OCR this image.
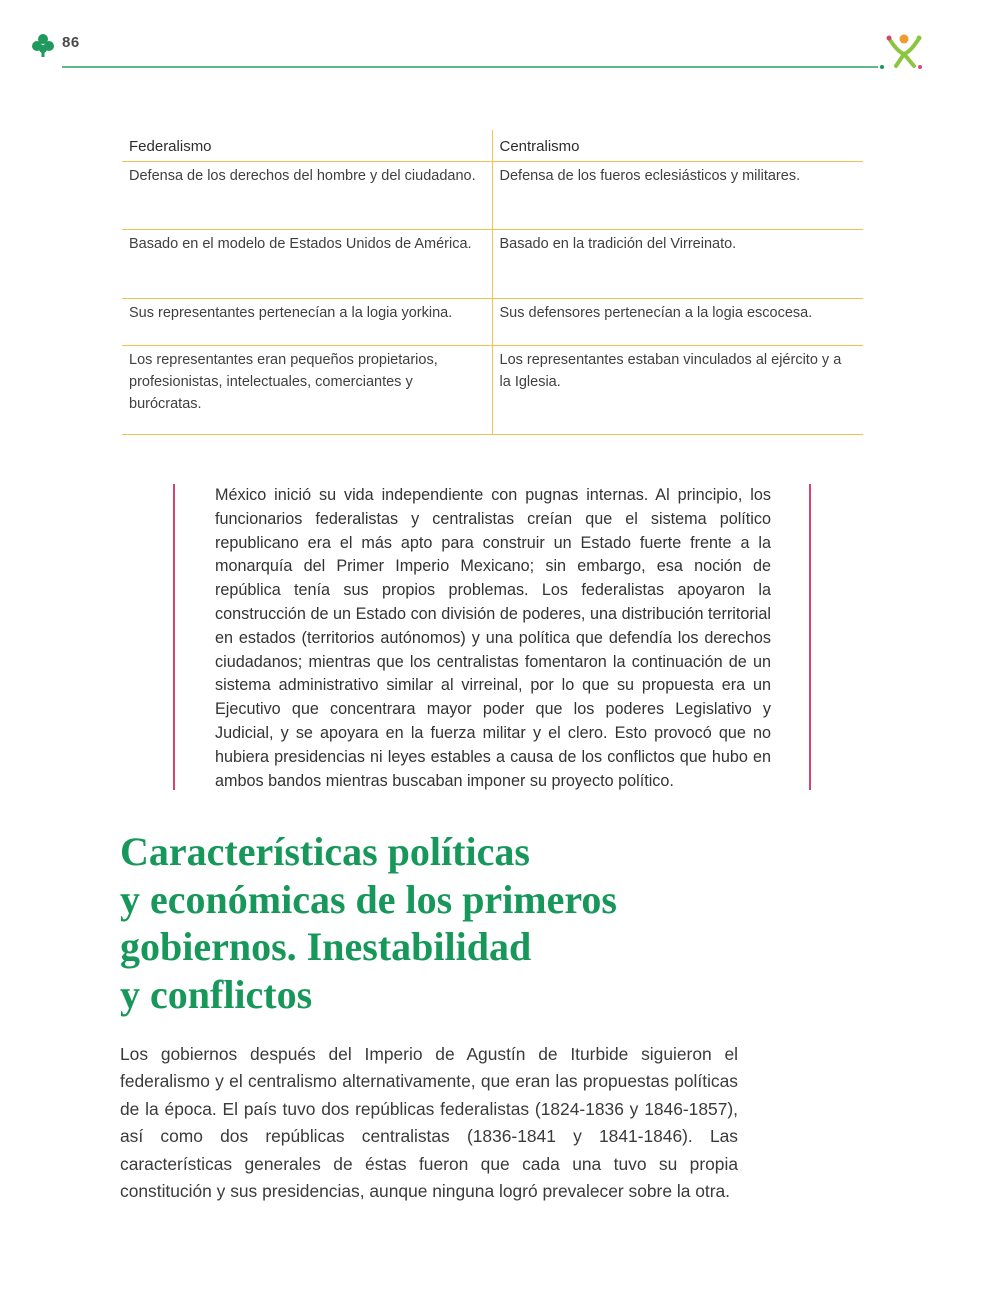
86
Federalismo	Centralismo
Defensa de los derechos del hombre y del ciudadano.	Defensa de los fueros eclesiásticos y militares.
Basado en el modelo de Estados Unidos de América.	Basado en la tradición del Virreinato.
Sus representantes pertenecían a la logia yorkina.	Sus defensores pertenecían a la logia escocesa.
Los representantes eran pequeños propietarios, profesionistas, intelectuales, comerciantes y burócratas.	Los representantes estaban vinculados al ejército y a la Iglesia.

México inició su vida independiente con pugnas internas. Al principio, los funcionarios federalistas y centralistas creían que el sistema político republicano era el más apto para construir un Estado fuerte frente a la monarquía del Primer Imperio Mexicano; sin embargo, esa noción de república tenía sus propios problemas. Los federalistas apoyaron la construcción de un Estado con división de poderes, una distribución territorial en estados (territorios autónomos) y una política que defendía los derechos ciudadanos; mientras que los centralistas fomentaron la continuación de un sistema administrativo similar al virreinal, por lo que su propuesta era un Ejecutivo que concentrara mayor poder que los poderes Legislativo y Judicial, y se apoyara en la fuerza militar y el clero. Esto provocó que no hubiera presidencias ni leyes estables a causa de los conflictos que hubo en ambos bandos mientras buscaban imponer su proyecto político.

Características políticas
y económicas de los primeros
gobiernos. Inestabilidad
y conflictos

Los gobiernos después del Imperio de Agustín de Iturbide siguieron el federalismo y el centralismo alternativamente, que eran las propuestas políticas de la época. El país tuvo dos repúblicas federalistas (1824-1836 y 1846-1857), así como dos repúblicas centralistas (1836-1841 y 1841-1846). Las características generales de éstas fueron que cada una tuvo su propia constitución y sus presidencias, aunque ninguna logró prevalecer sobre la otra.
